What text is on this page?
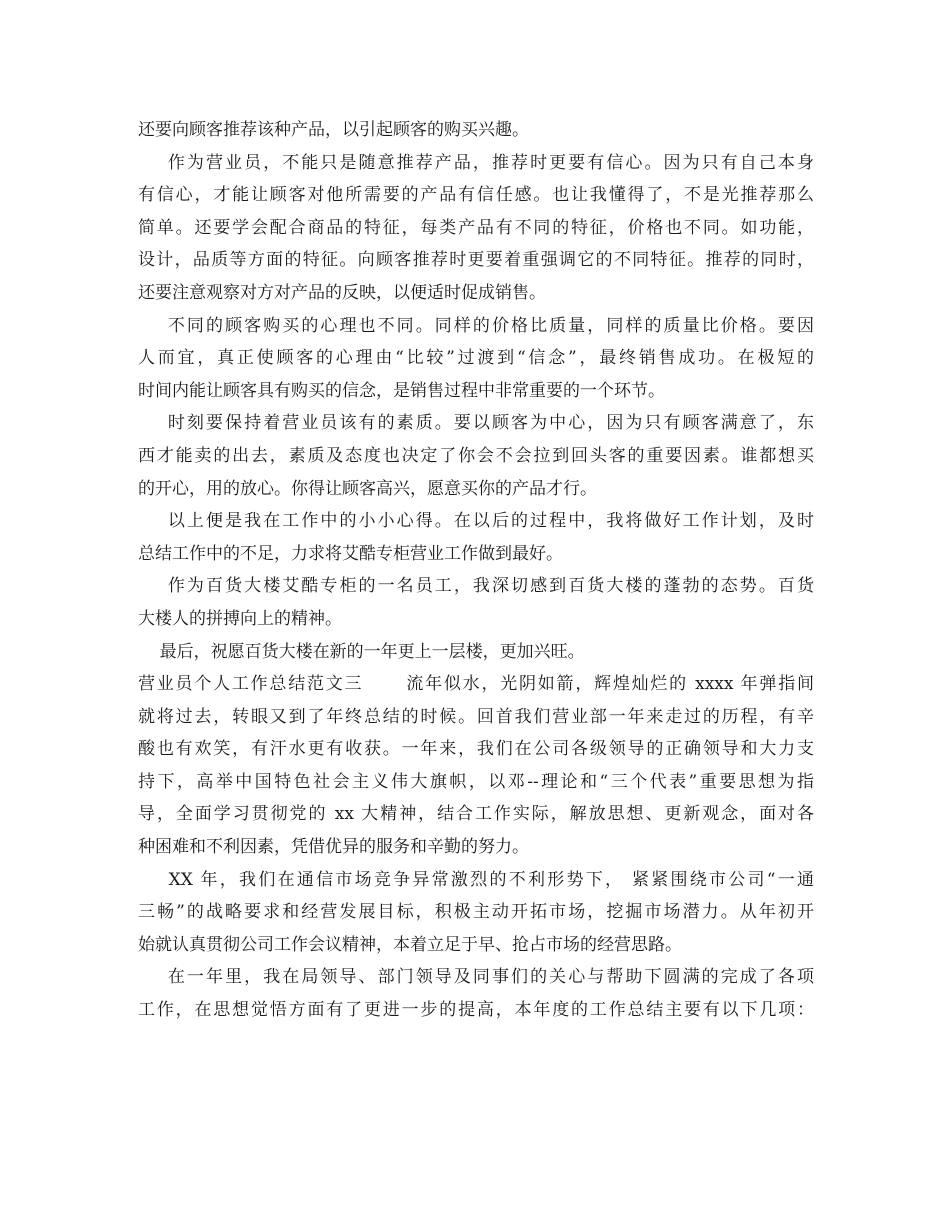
还要向顾客推荐该种产品，以引起顾客的购买兴趣。
作为营业员，不能只是随意推荐产品，推荐时更要有信心。因为只有自己本身
有信心，才能让顾客对他所需要的产品有信任感。也让我懂得了，不是光推荐那么
简单。还要学会配合商品的特征，每类产品有不同的特征，价格也不同。如功能，
设计，品质等方面的特征。向顾客推荐时更要着重强调它的不同特征。推荐的同时，
还要注意观察对方对产品的反映，以便适时促成销售。
不同的顾客购买的心理也不同。同样的价格比质量，同样的质量比价格。要因
人而宜，真正使顾客的心理由“比较”过渡到“信念”，最终销售成功。在极短的
时间内能让顾客具有购买的信念，是销售过程中非常重要的一个环节。
时刻要保持着营业员该有的素质。要以顾客为中心，因为只有顾客满意了，东
西才能卖的出去，素质及态度也决定了你会不会拉到回头客的重要因素。谁都想买
的开心，用的放心。你得让顾客高兴，愿意买你的产品才行。
以上便是我在工作中的小小心得。在以后的过程中，我将做好工作计划，及时
总结工作中的不足，力求将艾酷专柜营业工作做到最好。
作为百货大楼艾酷专柜的一名员工，我深切感到百货大楼的蓬勃的态势。百货
大楼人的拼搏向上的精神。
最后，祝愿百货大楼在新的一年更上一层楼，更加兴旺。
营业员个人工作总结范文三      流年似水，光阴如箭，辉煌灿烂的 xxxx 年弹指间
就将过去，转眼又到了年终总结的时候。回首我们营业部一年来走过的历程，有辛
酸也有欢笑，有汗水更有收获。一年来，我们在公司各级领导的正确领导和大力支
持下，高举中国特色社会主义伟大旗帜，以邓--理论和“三个代表”重要思想为指
导，全面学习贯彻党的 xx 大精神，结合工作实际，解放思想、更新观念，面对各
种困难和不利因素，凭借优异的服务和辛勤的努力。
XX 年，我们在通信市场竞争异常激烈的不利形势下， 紧紧围绕市公司“一通
三畅”的战略要求和经营发展目标，积极主动开拓市场，挖掘市场潜力。从年初开
始就认真贯彻公司工作会议精神，本着立足于早、抢占市场的经营思路。
在一年里，我在局领导、部门领导及同事们的关心与帮助下圆满的完成了各项
工作，在思想觉悟方面有了更进一步的提高，本年度的工作总结主要有以下几项：
